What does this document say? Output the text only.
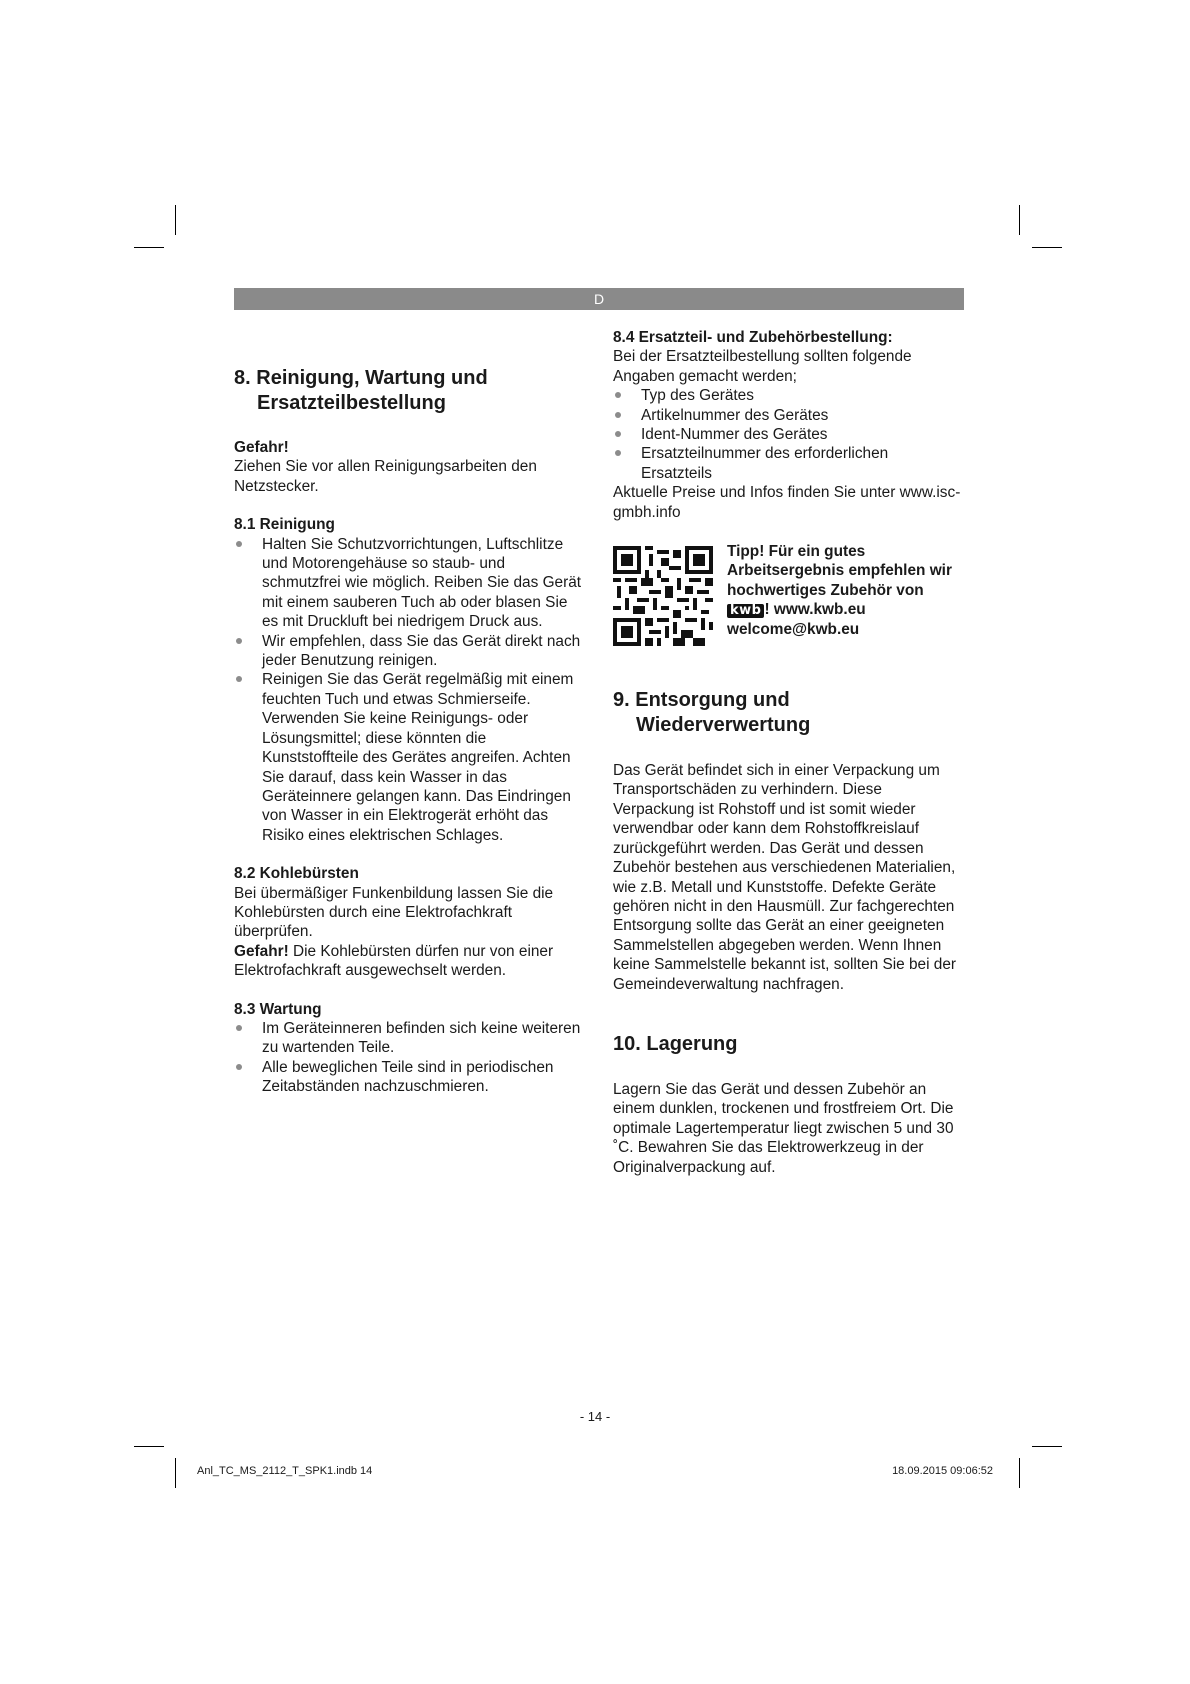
D
8. Reinigung, Wartung und
Ersatzteilbestellung
Gefahr!

Ziehen Sie vor allen Reinigungsarbeiten den Netzstecker.

8.1 Reinigung
Halten Sie Schutzvorrichtungen, Luftschlitze und Motorengehäuse so staub- und schmutzfrei wie möglich. Reiben Sie das Gerät mit einem sauberen Tuch ab oder blasen Sie es mit Druckluft bei niedrigem Druck aus.
Wir empfehlen, dass Sie das Gerät direkt nach jeder Benutzung reinigen.
Reinigen Sie das Gerät regelmäßig mit einem feuchten Tuch und etwas Schmierseife. Verwenden Sie keine Reinigungs- oder Lösungsmittel; diese könnten die Kunststoffteile des Gerätes angreifen. Achten Sie darauf, dass kein Wasser in das Geräteinnere gelangen kann. Das Eindringen von Wasser in ein Elektrogerät erhöht das Risiko eines elektrischen Schlages.
8.2 Kohlebürsten

Bei übermäßiger Funkenbildung lassen Sie die Kohlebürsten durch eine Elektrofachkraft überprüfen.

Gefahr! Die Kohlebürsten dürfen nur von einer Elektrofachkraft ausgewechselt werden.

8.3 Wartung
Im Geräteinneren befinden sich keine weiteren zu wartenden Teile.
Alle beweglichen Teile sind in periodischen Zeitabständen nachzuschmieren.
8.4 Ersatzteil- und Zubehörbestellung:

Bei der Ersatzteilbestellung sollten folgende Angaben gemacht werden;

Typ des Gerätes
Artikelnummer des Gerätes
Ident-Nummer des Gerätes
Ersatzteilnummer des erforderlichen Ersatzteils

Aktuelle Preise und Infos finden Sie unter www.isc-gmbh.info

Tipp! Für ein gutes Arbeitsergebnis empfehlen wir hochwertiges Zubehör von
kwb ! www.kwb.eu
welcome@kwb.eu
9. Entsorgung und
Wiederverwertung

Das Gerät befindet sich in einer Verpackung um Transportschäden zu verhindern. Diese Verpackung ist Rohstoff und ist somit wieder verwendbar oder kann dem Rohstoffkreislauf zurückgeführt werden. Das Gerät und dessen Zubehör bestehen aus verschiedenen Materialien, wie z.B. Metall und Kunststoffe. Defekte Geräte gehören nicht in den Hausmüll. Zur fachgerechten Entsorgung sollte das Gerät an einer geeigneten Sammelstellen abgegeben werden. Wenn Ihnen keine Sammelstelle bekannt ist, sollten Sie bei der Gemeindeverwaltung nachfragen.

10. Lagerung

Lagern Sie das Gerät und dessen Zubehör an einem dunklen, trockenen und frostfreiem Ort. Die optimale Lagertemperatur liegt zwischen 5 und 30 ˚C. Bewahren Sie das Elektrowerkzeug in der Originalverpackung auf.

- 14 -
Anl_TC_MS_2112_T_SPK1.indb 14	18.09.2015 09:06:52
